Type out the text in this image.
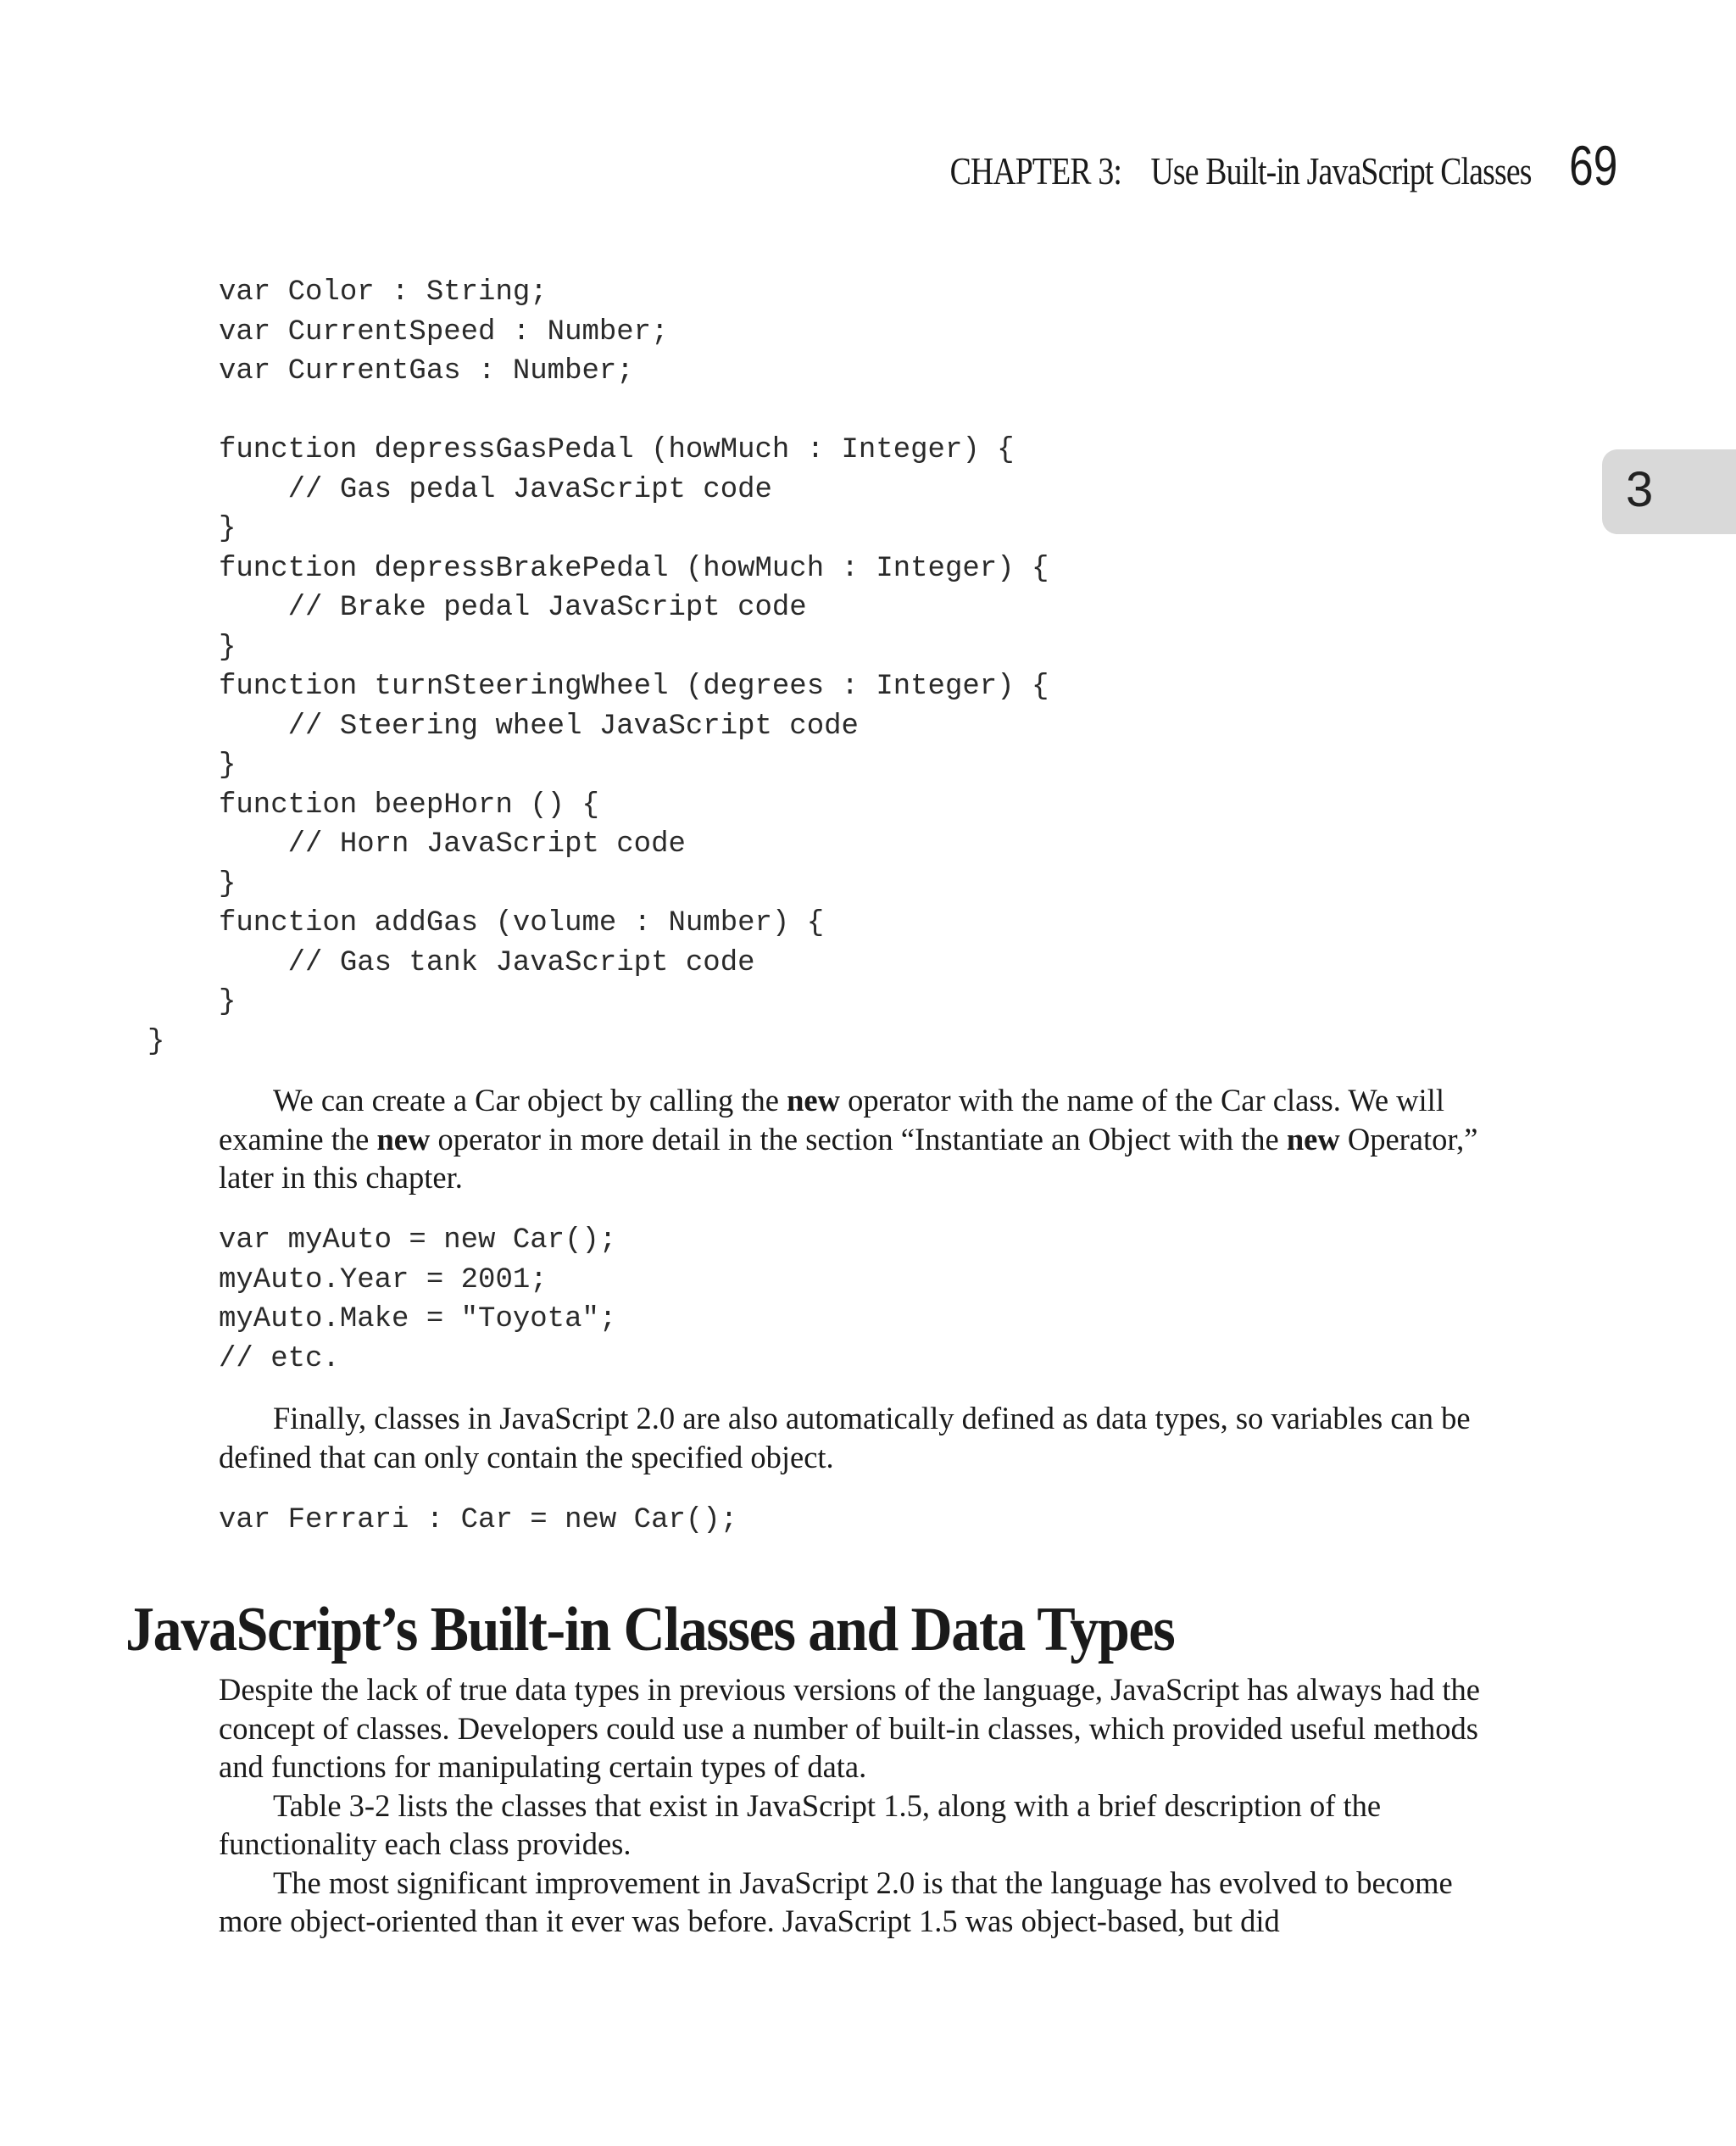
CHAPTER 3:    Use Built-in JavaScript Classes 69
3
var Color : String;
var CurrentSpeed : Number;
var CurrentGas : Number;

function depressGasPedal (howMuch : Integer) {
// Gas pedal JavaScript code
}
function depressBrakePedal (howMuch : Integer) {
// Brake pedal JavaScript code
}
function turnSteeringWheel (degrees : Integer) {
// Steering wheel JavaScript code
}
function beepHorn () {
// Horn JavaScript code
}
function addGas (volume : Number) {
// Gas tank JavaScript code
}
}

We can create a Car object by calling the new operator with the name of the Car class. We will examine the new operator in more detail in the section “Instantiate an Object with the new Operator,” later in this chapter.

var myAuto = new Car();
myAuto.Year = 2001;
myAuto.Make = "Toyota";
// etc.

Finally, classes in JavaScript 2.0 are also automatically defined as data types, so variables can be defined that can only contain the specified object.

var Ferrari : Car = new Car();
JavaScript’s Built-in Classes and Data Types

Despite the lack of true data types in previous versions of the language, JavaScript has always had the concept of classes. Developers could use a number of built-in classes, which provided useful methods and functions for manipulating certain types of data.

Table 3-2 lists the classes that exist in JavaScript 1.5, along with a brief description of the functionality each class provides.

The most significant improvement in JavaScript 2.0 is that the language has evolved to become more object-oriented than it ever was before. JavaScript 1.5 was object-based, but did
